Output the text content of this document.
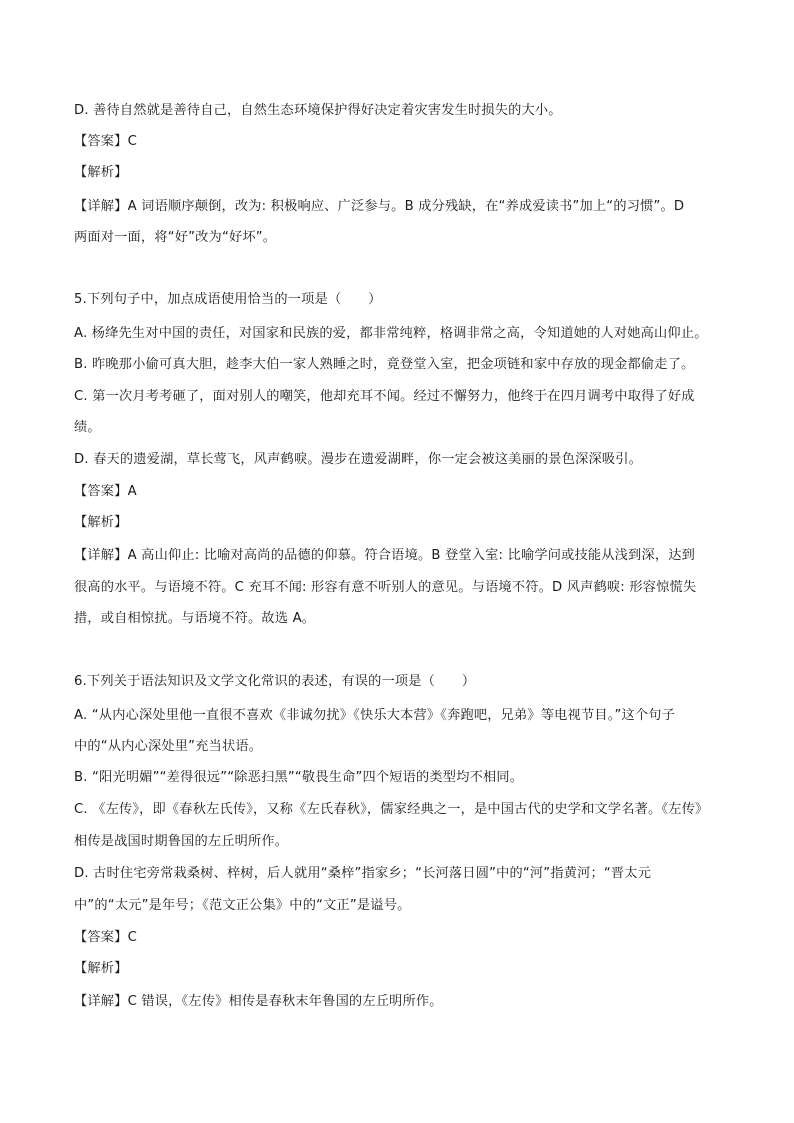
D. 善待自然就是善待自己，自然生态环境保护得好决定着灾害发生时损失的大小。
【答案】C
【解析】
【详解】A 词语顺序颠倒，改为: 积极响应、广泛参与。B 成分残缺，在“养成爱读书”加上“的习惯”。D
两面对一面，将“好”改为“好坏”。
5.下列句子中，加点成语使用恰当的一项是（　　）
A. 杨绛先生对中国的责任，对国家和民族的爱，都非常纯粹，格调非常之高，令知道她的人对她高山仰止。
B. 昨晚那小偷可真大胆，趁李大伯一家人熟睡之时，竟登堂入室，把金项链和家中存放的现金都偷走了。
C. 第一次月考考砸了，面对别人的嘲笑，他却充耳不闻。经过不懈努力，他终于在四月调考中取得了好成
绩。
D. 春天的遗爱湖，草长莺飞，风声鹤唳。漫步在遗爱湖畔，你一定会被这美丽的景色深深吸引。
【答案】A
【解析】
【详解】A 高山仰止: 比喻对高尚的品德的仰慕。符合语境。B 登堂入室: 比喻学问或技能从浅到深，达到
很高的水平。与语境不符。C 充耳不闻: 形容有意不听别人的意见。与语境不符。D 风声鹤唳: 形容惊慌失
措，或自相惊扰。与语境不符。故选 A。
6.下列关于语法知识及文学文化常识的表述，有误的一项是（　　）
A. “从内心深处里他一直很不喜欢《非诚勿扰》《快乐大本营》《奔跑吧，兄弟》等电视节目。”这个句子
中的“从内心深处里”充当状语。
B. “阳光明媚”“差得很远”“除恶扫黑”“敬畏生命”四个短语的类型均不相同。
C. 《左传》，即《春秋左氏传》，又称《左氏春秋》，儒家经典之一，是中国古代的史学和文学名著。《左传》
相传是战国时期鲁国的左丘明所作。
D. 古时住宅旁常栽桑树、梓树，后人就用“桑梓”指家乡；“长河落日圆”中的“河”指黄河；“晋太元
中”的“太元”是年号；《范文正公集》中的“文正”是谥号。
【答案】C
【解析】
【详解】C 错误，《左传》相传是春秋末年鲁国的左丘明所作。
